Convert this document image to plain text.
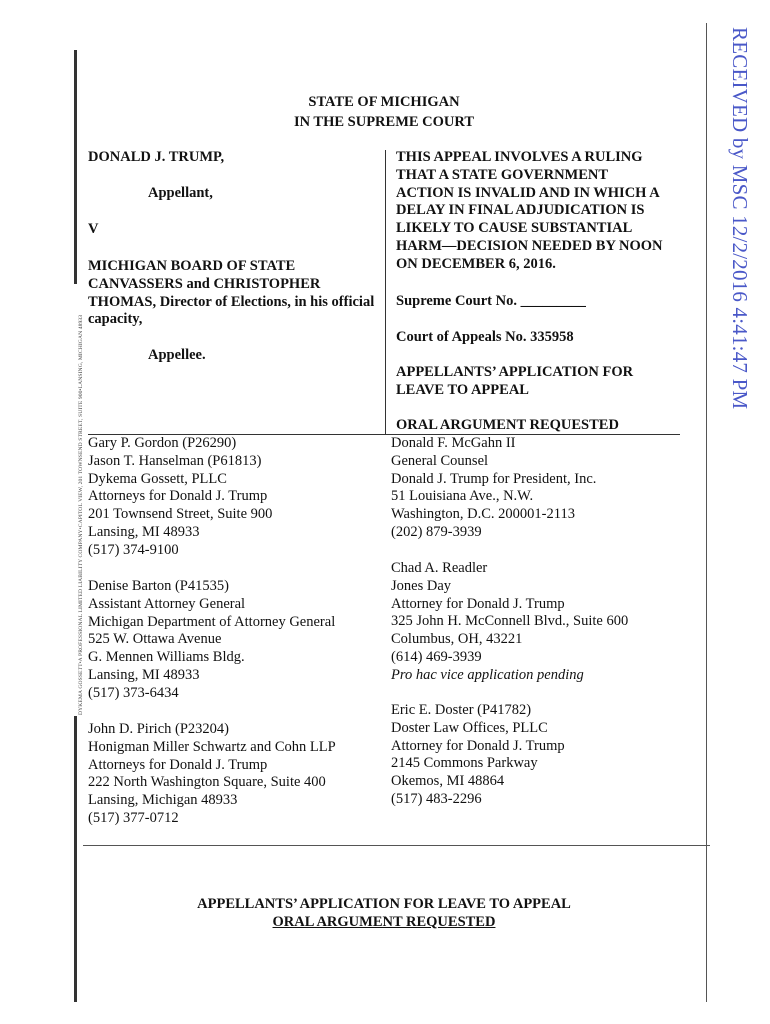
RECEIVED by MSC 12/2/2016 4:41:47 PM
DYKEMA GOSSETT•A PROFESSIONAL LIMITED LIABILITY COMPANY•CAPITOL VIEW, 201 TOWNSEND STREET, SUITE 900•LANSING, MICHIGAN 48933
STATE OF MICHIGAN
IN THE SUPREME COURT
DONALD J. TRUMP,
Appellant,
V
MICHIGAN BOARD OF STATE
CANVASSERS and CHRISTOPHER
THOMAS, Director of Elections, in his official
capacity,
Appellee.
THIS APPEAL INVOLVES A RULING
THAT A STATE GOVERNMENT
ACTION IS INVALID AND IN WHICH A
DELAY IN FINAL ADJUDICATION IS
LIKELY TO CAUSE SUBSTANTIAL
HARM—DECISION NEEDED BY NOON
ON DECEMBER 6, 2016.
Supreme Court No. _________
Court of Appeals No. 335958
APPELLANTS’ APPLICATION FOR
LEAVE TO APPEAL
ORAL ARGUMENT REQUESTED
Gary P. Gordon (P26290)
Jason T. Hanselman (P61813)
Dykema Gossett, PLLC
Attorneys for Donald J. Trump
201 Townsend Street, Suite 900
Lansing, MI 48933
(517) 374-9100
Denise Barton (P41535)
Assistant Attorney General
Michigan Department of Attorney General
525 W. Ottawa Avenue
G. Mennen Williams Bldg.
Lansing, MI 48933
(517) 373-6434
John D. Pirich (P23204)
Honigman Miller Schwartz and Cohn LLP
Attorneys for Donald J. Trump
222 North Washington Square, Suite 400
Lansing, Michigan 48933
(517) 377-0712
Donald F. McGahn II
General Counsel
Donald J. Trump for President, Inc.
51 Louisiana Ave., N.W.
Washington, D.C. 200001-2113
(202) 879-3939
Chad A. Readler
Jones Day
Attorney for Donald J. Trump
325 John H. McConnell Blvd., Suite 600
Columbus, OH, 43221
(614) 469-3939
Pro hac vice application pending
Eric E. Doster (P41782)
Doster Law Offices, PLLC
Attorney for Donald J. Trump
2145 Commons Parkway
Okemos, MI 48864
(517) 483-2296
APPELLANTS’ APPLICATION FOR LEAVE TO APPEAL
ORAL ARGUMENT REQUESTED
